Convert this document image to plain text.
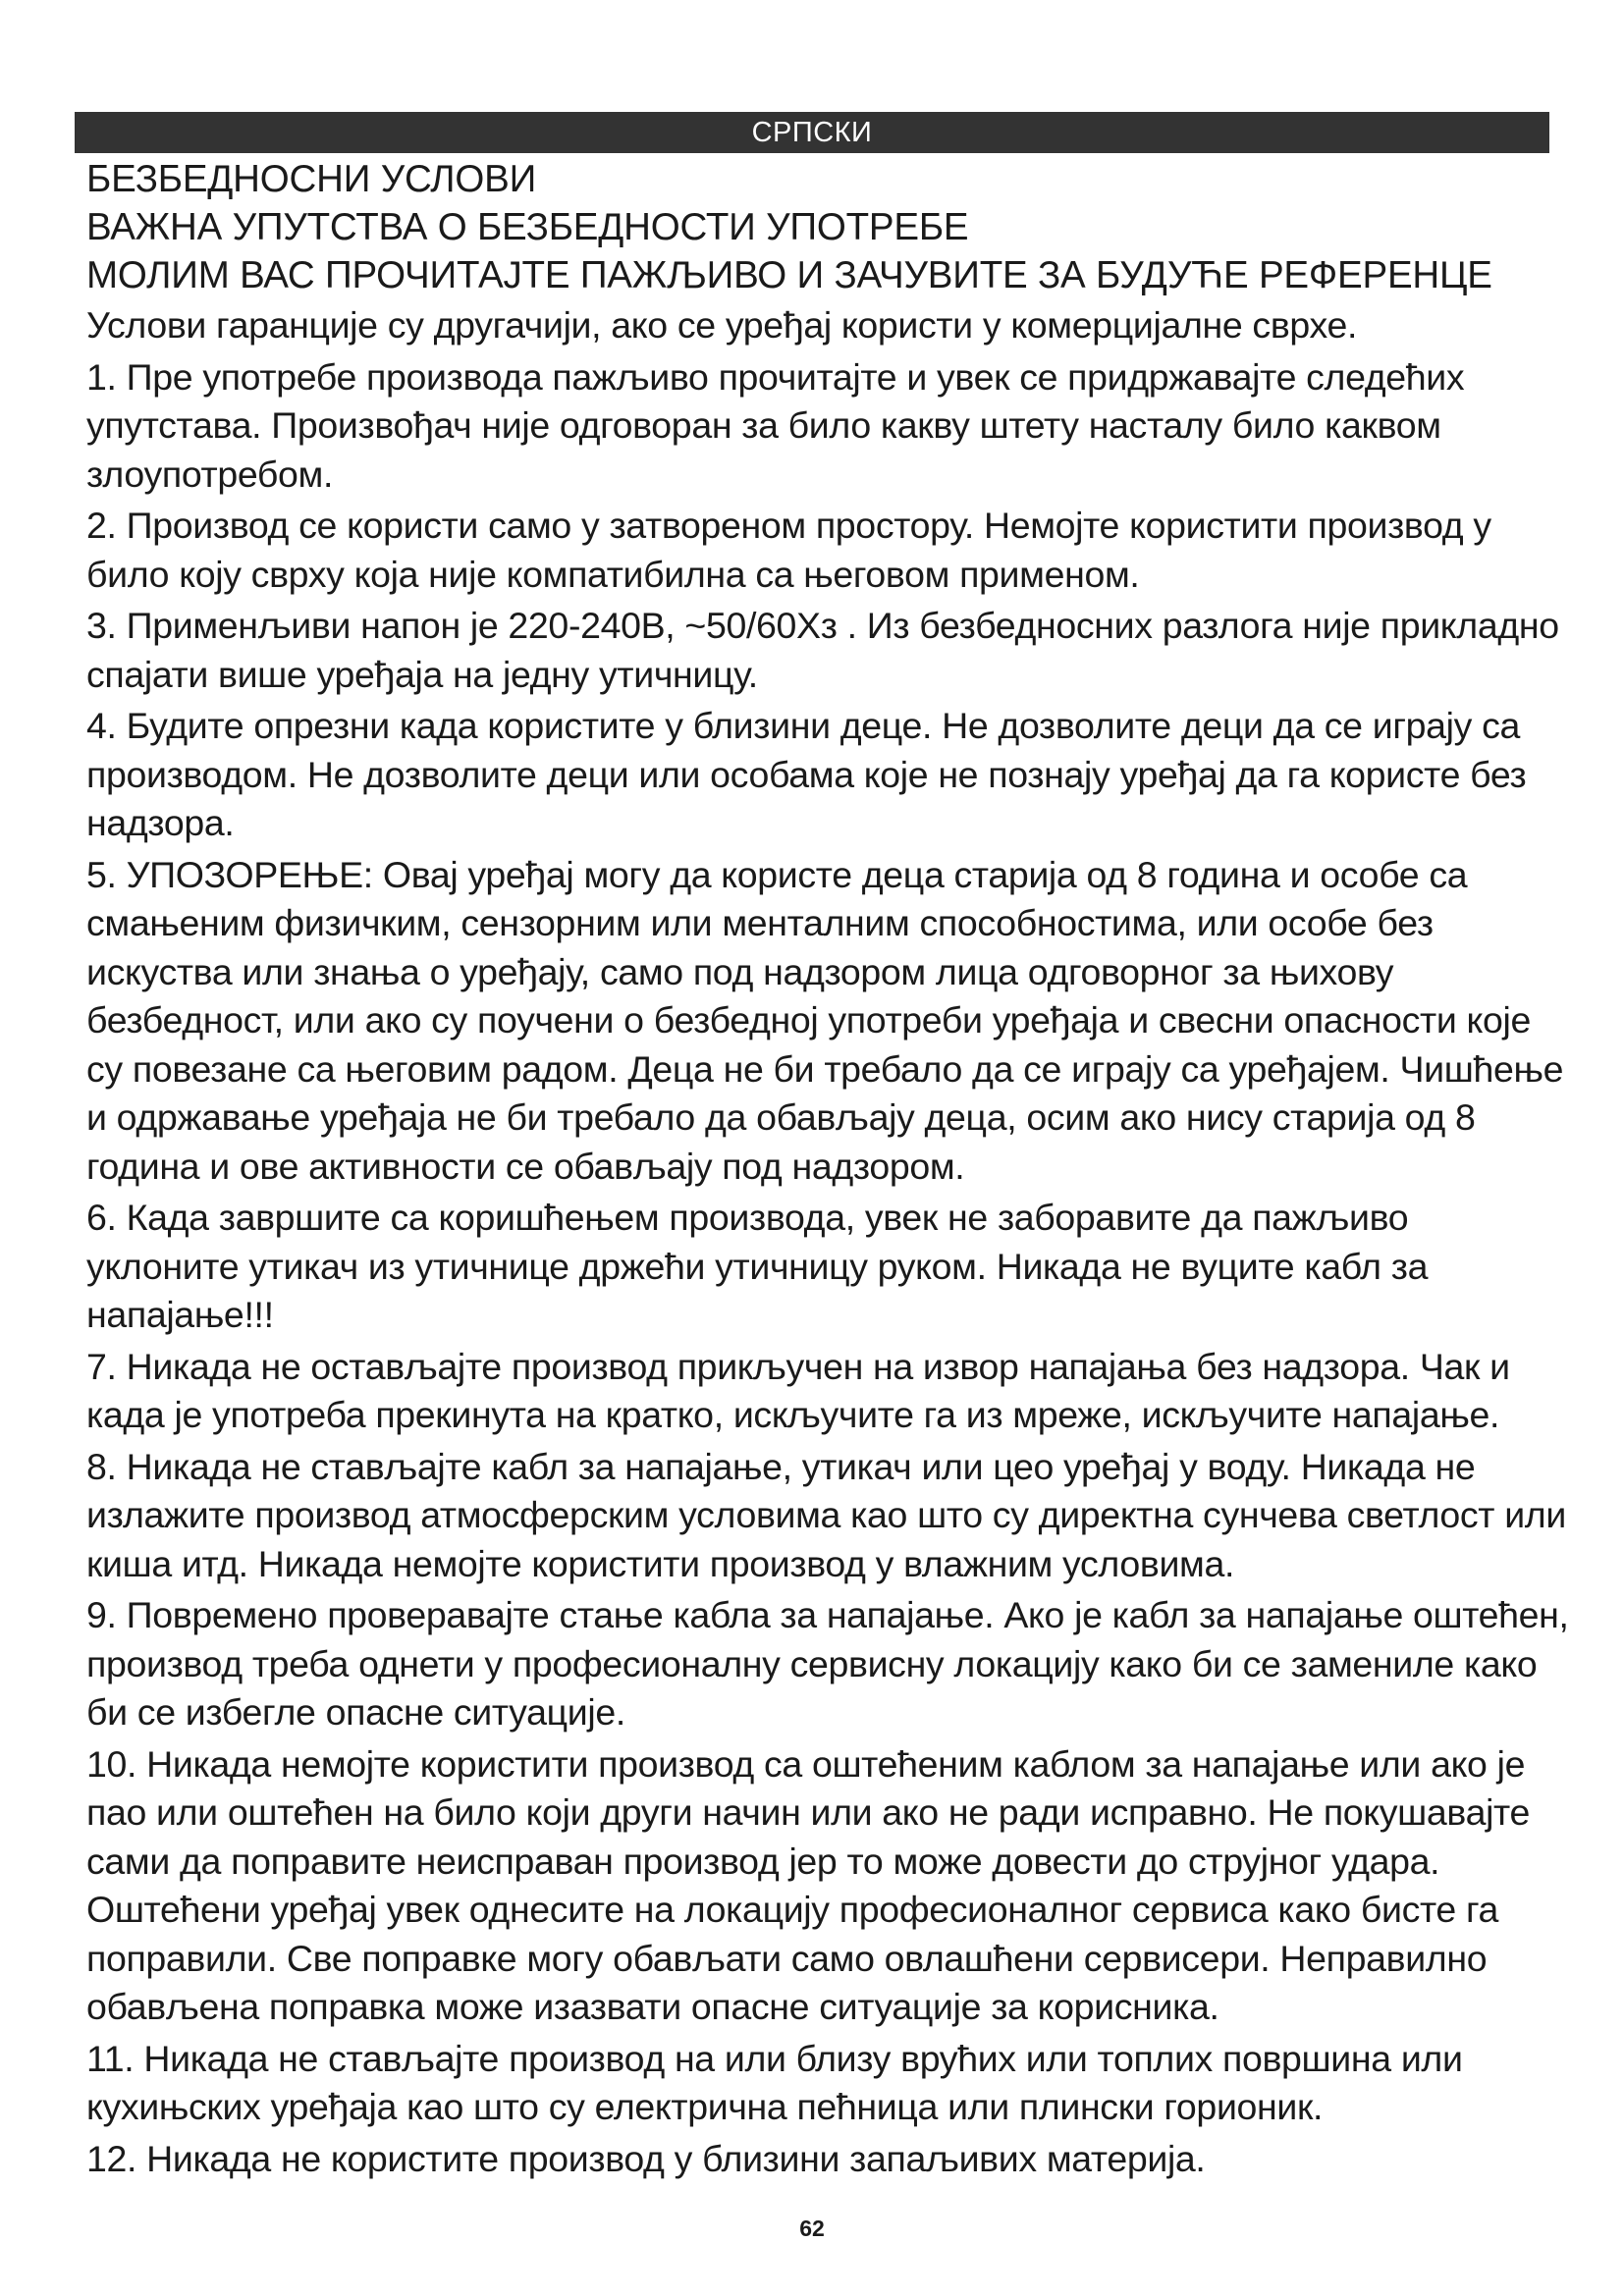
СРПСКИ
БЕЗБЕДНОСНИ УСЛОВИ
ВАЖНА УПУТСТВА О БЕЗБЕДНОСТИ УПОТРЕБЕ
МОЛИМ ВАС ПРОЧИТАЈТЕ ПАЖЉИВО И ЗАЧУВИТЕ ЗА БУДУЋЕ РЕФЕРЕНЦЕ

Услови гаранције су другачији, ако се уређај користи у комерцијалне сврхе.

1. Пре употребе производа пажљиво прочитајте и увек се придржавајте следећих упутстава. Произвођач није одговоран за било какву штету насталу било каквом злоупотребом.

2. Производ се користи само у затвореном простору. Немојте користити производ у било коју сврху која није компатибилна са његовом применом.

3. Применљиви напон је 220-240В, ~50/60Хз . Из безбедносних разлога није прикладно спајати више уређаја на једну утичницу.

4. Будите опрезни када користите у близини деце. Не дозволите деци да се играју са производом. Не дозволите деци или особама које не познају уређај да га користе без надзора.

5. УПОЗОРЕЊЕ: Овај уређај могу да користе деца старија од 8 година и особе са смањеним физичким, сензорним или менталним способностима, или особе без искуства или знања о уређају, само под надзором лица одговорног за њихову безбедност, или ако су поучени о безбедној употреби уређаја и свесни опасности које су повезане са његовим радом. Деца не би требало да се играју са уређајем. Чишћење и одржавање уређаја не би требало да обављају деца, осим ако нису старија од 8 година и ове активности се обављају под надзором.

6. Када завршите са коришћењем производа, увек не заборавите да пажљиво уклоните утикач из утичнице држећи утичницу руком. Никада не вуците кабл за напајање!!!

7. Никада не остављајте производ прикључен на извор напајања без надзора. Чак и када је употреба прекинута на кратко, искључите га из мреже, искључите напајање.

8. Никада не стављајте кабл за напајање, утикач или цео уређај у воду. Никада не излажите производ атмосферским условима као што су директна сунчева светлост или киша итд. Никада немојте користити производ у влажним условима.

9. Повремено проверавајте стање кабла за напајање. Ако је кабл за напајање оштећен, производ треба однети у професионалну сервисну локацију како би се замениле како би се избегле опасне ситуације.

10. Никада немојте користити производ са оштећеним каблом за напајање или ако је пао или оштећен на било који други начин или ако не ради исправно. Не покушавајте сами да поправите неисправан производ јер то може довести до струјног удара. Оштећени уређај увек однесите на локацију професионалног сервиса како бисте га поправили. Све поправке могу обављати само овлашћени сервисери. Неправилно обављена поправка може изазвати опасне ситуације за корисника.

11. Никада не стављајте производ на или близу врућих или топлих површина или кухињских уређаја као што су електрична пећница или плински горионик.

12. Никада не користите производ у близини запаљивих материја.

62
